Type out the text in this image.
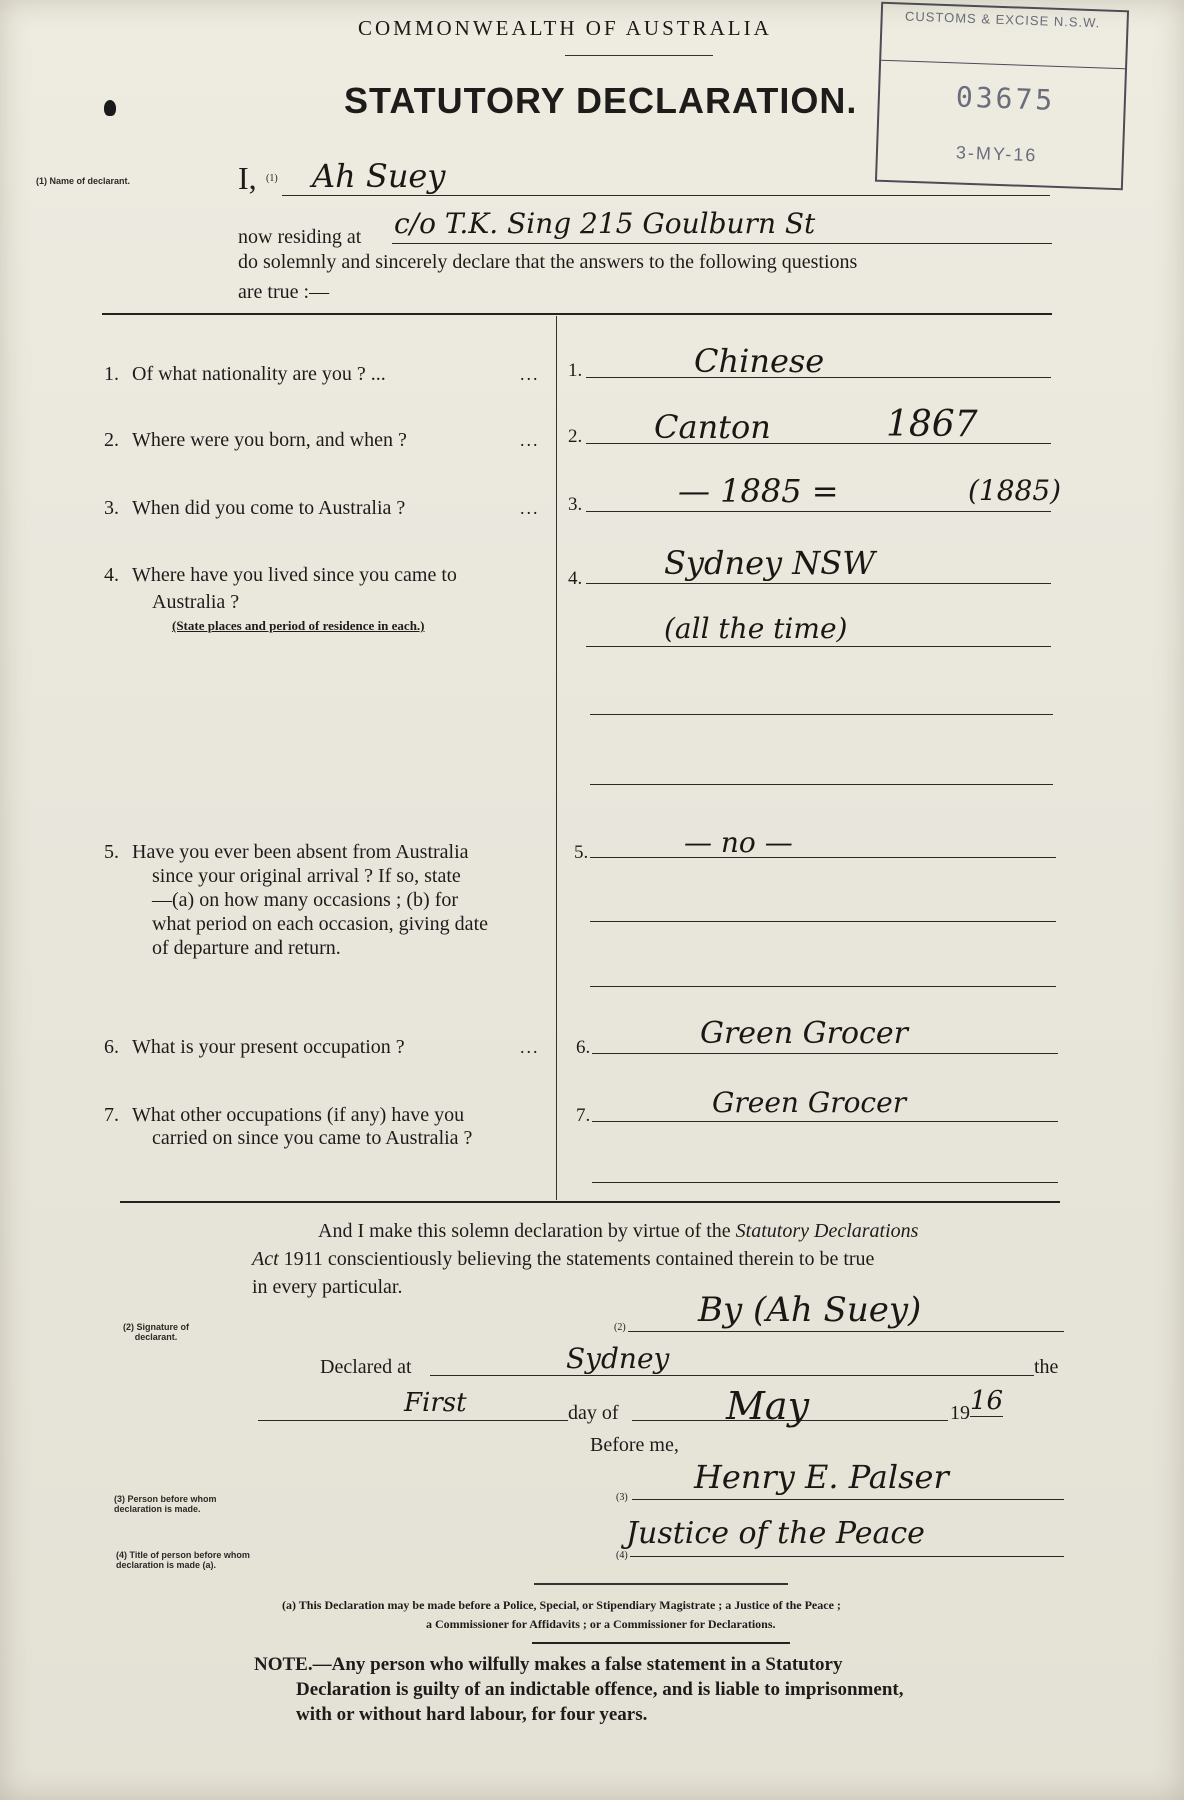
COMMONWEALTH OF AUSTRALIA
STATUTORY DECLARATION.
CUSTOMS & EXCISE N.S.W.
03675
3-MY-16
(1) Name of declarant.	I, (1) Ah Suey
now residing at c/o T.K. Sing 215 Goulburn St
do solemnly and sincerely declare that the answers to the following questions
are true :—
1. Of what nationality are you ? ...	... 1.	Chinese
2. Where were you born, and when ?	... 2. Canton	1867
3. When did you come to Australia ?	... 3.	— 1885 =	(1885)
4. Where have you lived since you came to
Australia ?
(State places and period of residence in each.)
4.	Sydney NSW
(all the time)
5. Have you ever been absent from Australia
since your original arrival ? If so, state
—(a) on how many occasions ; (b) for
what period on each occasion, giving date
of departure and return.
5.	— no —
6. What is your present occupation ?	... 6.	Green Grocer
7. What other occupations (if any) have you
carried on since you came to Australia ?
7.	Green Grocer
And I make this solemn declaration by virtue of the Statutory Declarations
Act 1911 conscientiously believing the statements contained therein to be true
in every particular.
(2) Signature of declarant.
(2) By (Ah Suey)
Declared at	Sydney	the
First	day of	May	19 16
Before me,
(3) Person before whom declaration is made.
(3)
Henry E. Palser
(4) Title of person before whom declaration is made (a).
(4)
Justice of the Peace
(a) This Declaration may be made before a Police, Special, or Stipendiary Magistrate ; a Justice of the Peace ;
a Commissioner for Affidavits ; or a Commissioner for Declarations.
NOTE.—Any person who wilfully makes a false statement in a Statutory
Declaration is guilty of an indictable offence, and is liable to imprisonment,
with or without hard labour, for four years.
